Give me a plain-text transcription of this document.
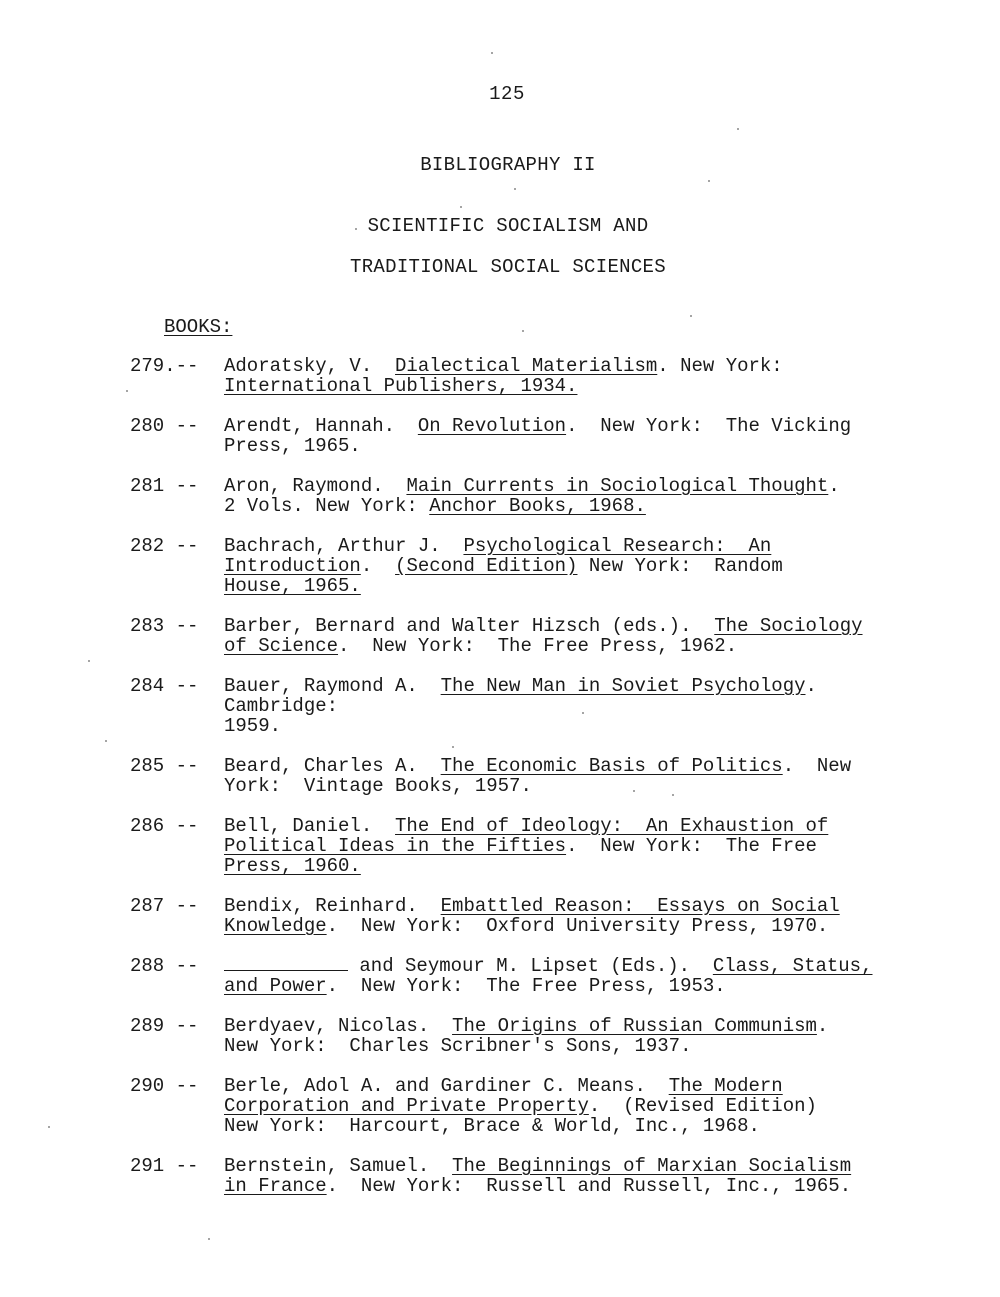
125
BIBLIOGRAPHY II
SCIENTIFIC SOCIALISM AND
TRADITIONAL SOCIAL SCIENCES
BOOKS:
279.--	Adoratsky, V.  Dialectical Materialism. New York:
International Publishers, 1934.
280 --	Arendt, Hannah.  On Revolution.  New York:  The Vicking
Press, 1965.
281 --	Aron, Raymond.  Main Currents in Sociological Thought.
2 Vols. New York: Anchor Books, 1968.
282 --	Bachrach, Arthur J.  Psychological Research:  An
Introduction.  (Second Edition) New York:  Random
House, 1965.
283 --	Barber, Bernard and Walter Hizsch (eds.).  The Sociology
of Science.  New York:  The Free Press, 1962.
284 --	Bauer, Raymond A.  The New Man in Soviet Psychology.
Cambridge:
1959.
285 --	Beard, Charles A.  The Economic Basis of Politics.  New
York:  Vintage Books, 1957.
286 --	Bell, Daniel.  The End of Ideology:  An Exhaustion of
Political Ideas in the Fifties.  New York:  The Free
Press, 1960.
287 --	Bendix, Reinhard.  Embattled Reason:  Essays on Social
Knowledge.  New York:  Oxford University Press, 1970.
288 --	and Seymour M. Lipset (Eds.).  Class, Status,
and Power.  New York:  The Free Press, 1953.
289 --	Berdyaev, Nicolas.  The Origins of Russian Communism.
New York:  Charles Scribner's Sons, 1937.
290 --	Berle, Adol A. and Gardiner C. Means.  The Modern
Corporation and Private Property.  (Revised Edition)
New York:  Harcourt, Brace & World, Inc., 1968.
291 --	Bernstein, Samuel.  The Beginnings of Marxian Socialism
in France.  New York:  Russell and Russell, Inc., 1965.
